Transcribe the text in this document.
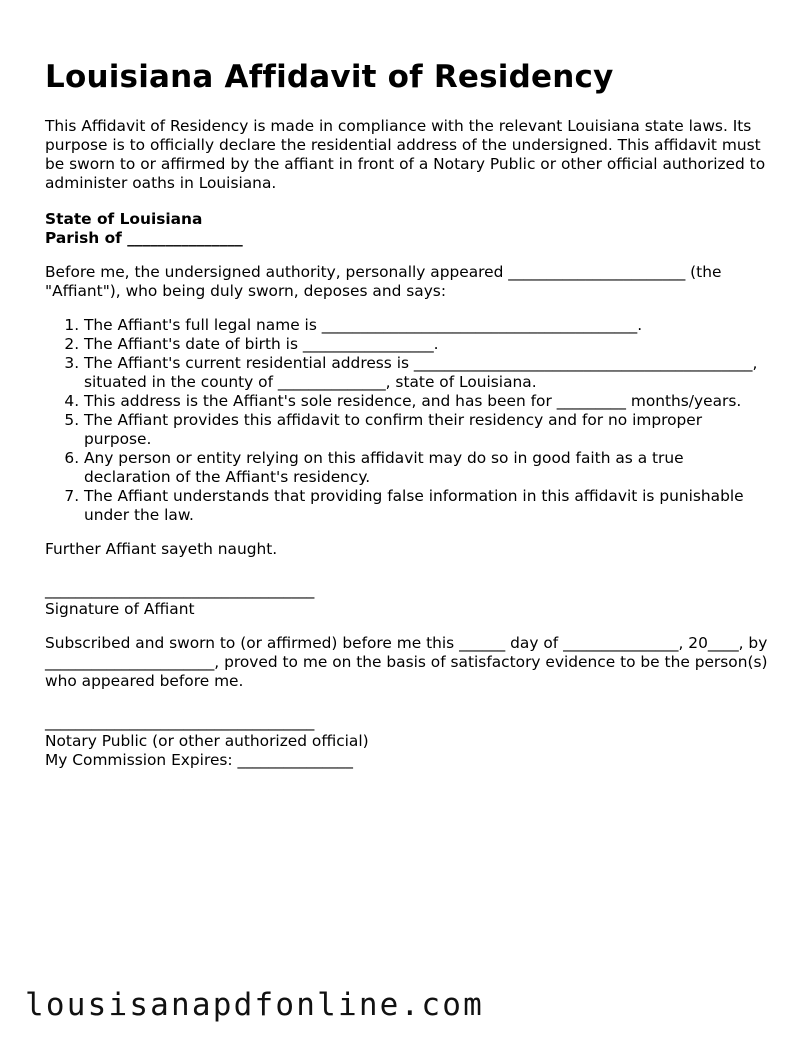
Louisiana Affidavit of Residency

This Affidavit of Residency is made in compliance with the relevant Louisiana state laws. Its purpose is to officially declare the residential address of the undersigned. This affidavit must be sworn to or affirmed by the affiant in front of a Notary Public or other official authorized to administer oaths in Louisiana.

State of Louisiana
Parish of _______________

Before me, the undersigned authority, personally appeared _______________________ (the "Affiant"), who being duly sworn, deposes and says:

1. The Affiant's full legal name is _________________________________________.
2. The Affiant's date of birth is _________________.
3. The Affiant's current residential address is ____________________________________________, situated in the county of ______________, state of Louisiana.
4. This address is the Affiant's sole residence, and has been for _________ months/years.
5. The Affiant provides this affidavit to confirm their residency and for no improper purpose.
6. Any person or entity relying on this affidavit may do so in good faith as a true declaration of the Affiant's residency.
7. The Affiant understands that providing false information in this affidavit is punishable under the law.

Further Affiant sayeth naught.

___________________________________
Signature of Affiant

Subscribed and sworn to (or affirmed) before me this ______ day of _______________, 20____, by ______________________, proved to me on the basis of satisfactory evidence to be the person(s) who appeared before me.

___________________________________
Notary Public (or other authorized official)
My Commission Expires: _______________
lousisanapdfonline.com
